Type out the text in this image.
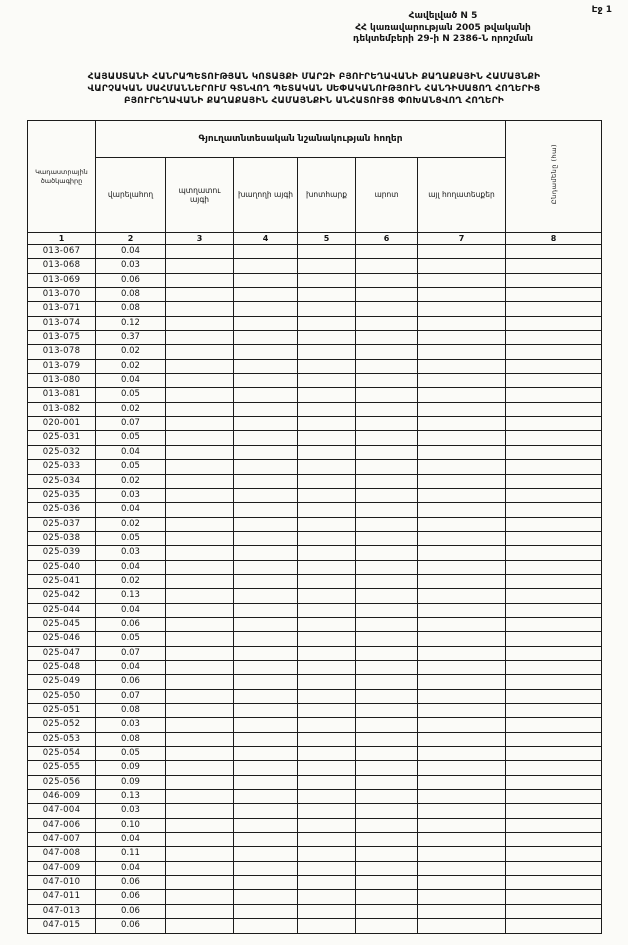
Էջ 1
Հավելված N 5
ՀՀ կառավարության 2005 թվականի
դեկտեմբերի 29-ի N 2386-Ն որոշման
ՀԱՅԱՍՏԱՆԻ ՀԱՆՐԱՊԵՏՈՒԹՅԱՆ ԿՈՏԱՅՔԻ ՄԱՐԶԻ ԲՅՈՒՐԵՂԱՎԱՆԻ ՔԱՂԱՔԱՅԻՆ ՀԱՄԱՅՆՔԻ
ՎԱՐՉԱԿԱՆ ՍԱՀՄԱՆՆԵՐՈՒՄ ԳՏՆՎՈՂ ՊԵՏԱԿԱՆ ՍԵՓԱԿԱՆՈՒԹՅՈՒՆ ՀԱՆԴԻՍԱՑՈՂ ՀՈՂԵՐԻՑ
ԲՅՈՒՐԵՂԱՎԱՆԻ ՔԱՂԱՔԱՅԻՆ ՀԱՄԱՅՆՔԻՆ ԱՆՀԱՏՈՒՅՑ ՓՈԽԱՆՑՎՈՂ ՀՈՂԵՐԻ
Կադաստրային ծածկագիրը	Գյուղատնտեսական նշանակության հողեր						Ընդամենը (հա)
	վարելահող	պտղատու այգի	խաղողի այգի	խոտհարք	արոտ	այլ հողատեսքեր	
1	2	3	4	5	6	7	8
013-067	0.04						
013-068	0.03						
013-069	0.06						
013-070	0.08						
013-071	0.08						
013-074	0.12						
013-075	0.37						
013-078	0.02						
013-079	0.02						
013-080	0.04						
013-081	0.05						
013-082	0.02						
020-001	0.07						
025-031	0.05						
025-032	0.04						
025-033	0.05						
025-034	0.02						
025-035	0.03						
025-036	0.04						
025-037	0.02						
025-038	0.05						
025-039	0.03						
025-040	0.04						
025-041	0.02						
025-042	0.13						
025-044	0.04						
025-045	0.06						
025-046	0.05						
025-047	0.07						
025-048	0.04						
025-049	0.06						
025-050	0.07						
025-051	0.08						
025-052	0.03						
025-053	0.08						
025-054	0.05						
025-055	0.09						
025-056	0.09						
046-009	0.13						
047-004	0.03						
047-006	0.10						
047-007	0.04						
047-008	0.11						
047-009	0.04						
047-010	0.06						
047-011	0.06						
047-013	0.06						
047-015	0.06						
